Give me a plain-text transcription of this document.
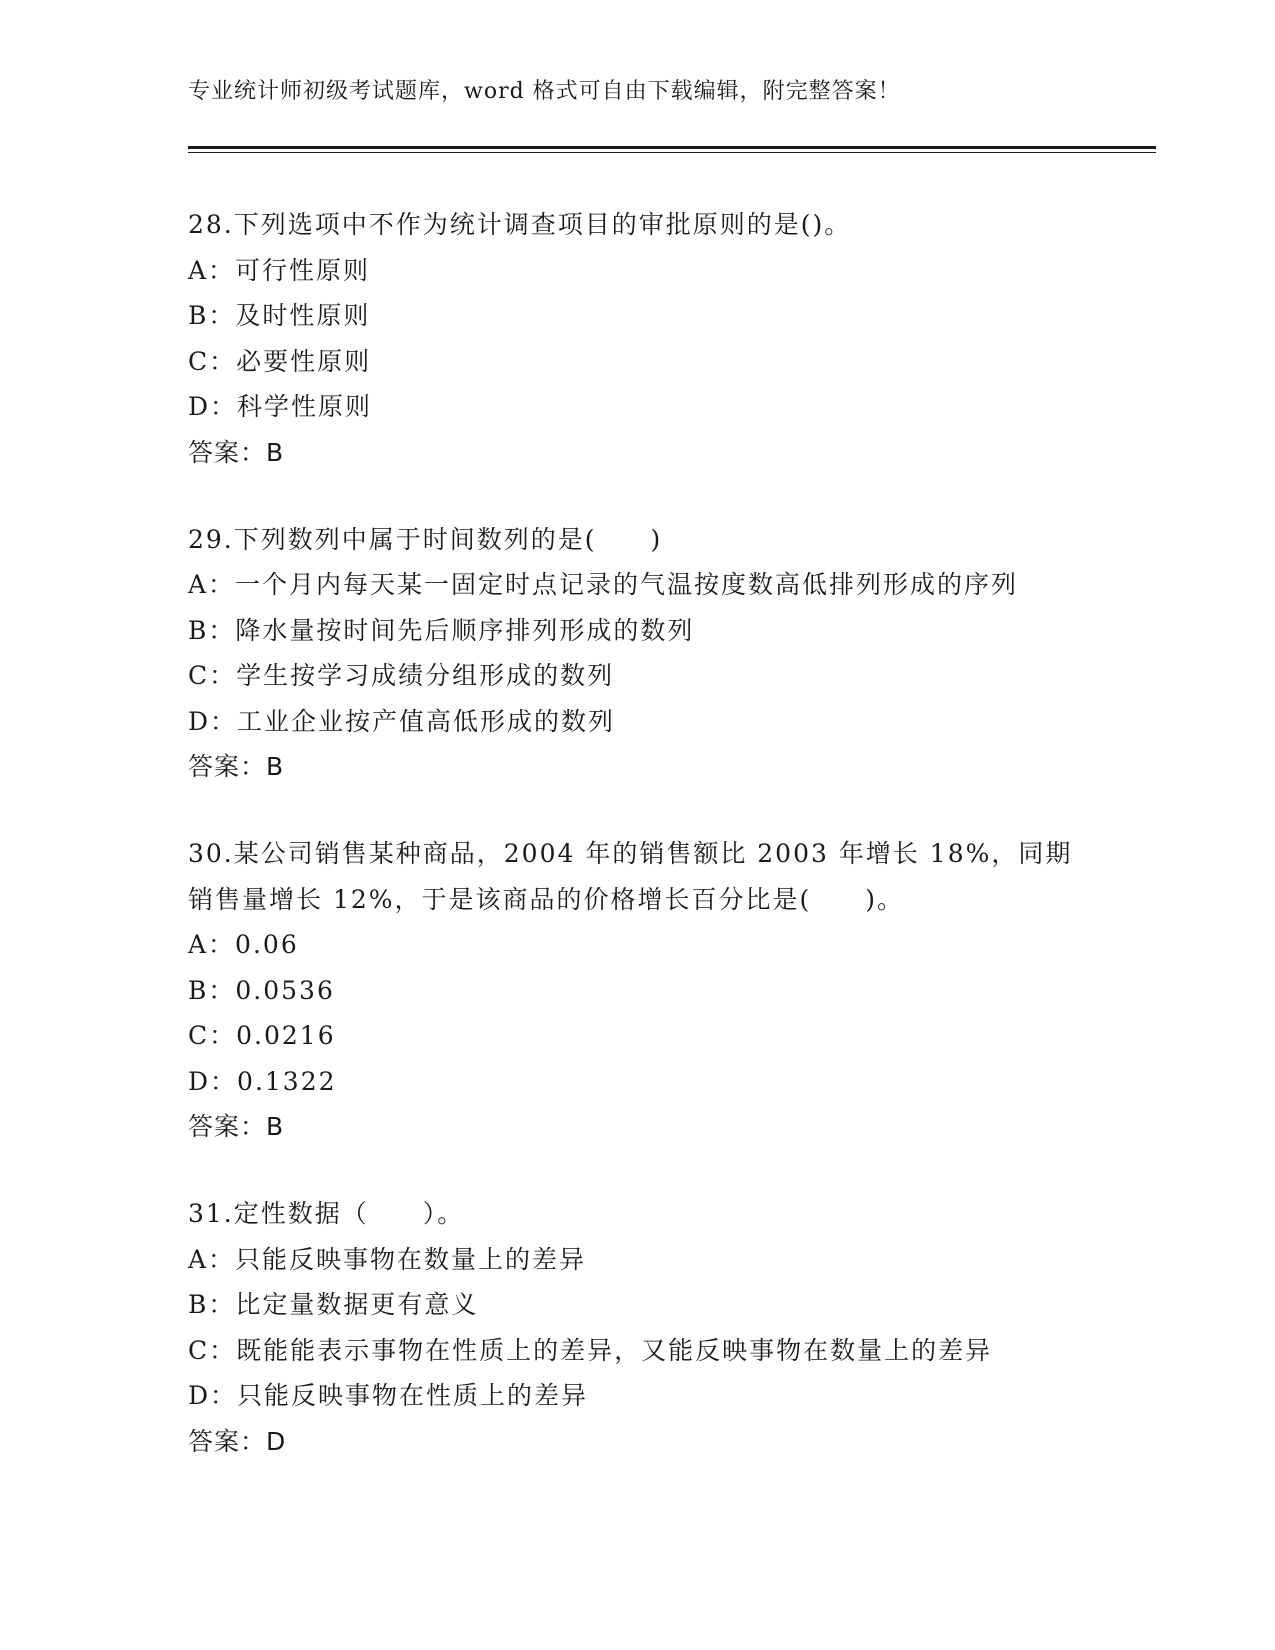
专业统计师初级考试题库，word 格式可自由下载编辑，附完整答案！
28.下列选项中不作为统计调查项目的审批原则的是()。
A：可行性原则
B：及时性原则
C：必要性原则
D：科学性原则
答案：B
29.下列数列中属于时间数列的是(　　)
A：一个月内每天某一固定时点记录的气温按度数高低排列形成的序列
B：降水量按时间先后顺序排列形成的数列
C：学生按学习成绩分组形成的数列
D：工业企业按产值高低形成的数列
答案：B
30.某公司销售某种商品，2004 年的销售额比 2003 年增长 18%，同期
销售量增长 12%，于是该商品的价格增长百分比是(　　)。
A：0.06
B：0.0536
C：0.0216
D：0.1322
答案：B
31.定性数据（　　）。
A：只能反映事物在数量上的差异
B：比定量数据更有意义
C：既能能表示事物在性质上的差异，又能反映事物在数量上的差异
D：只能反映事物在性质上的差异
答案：D
